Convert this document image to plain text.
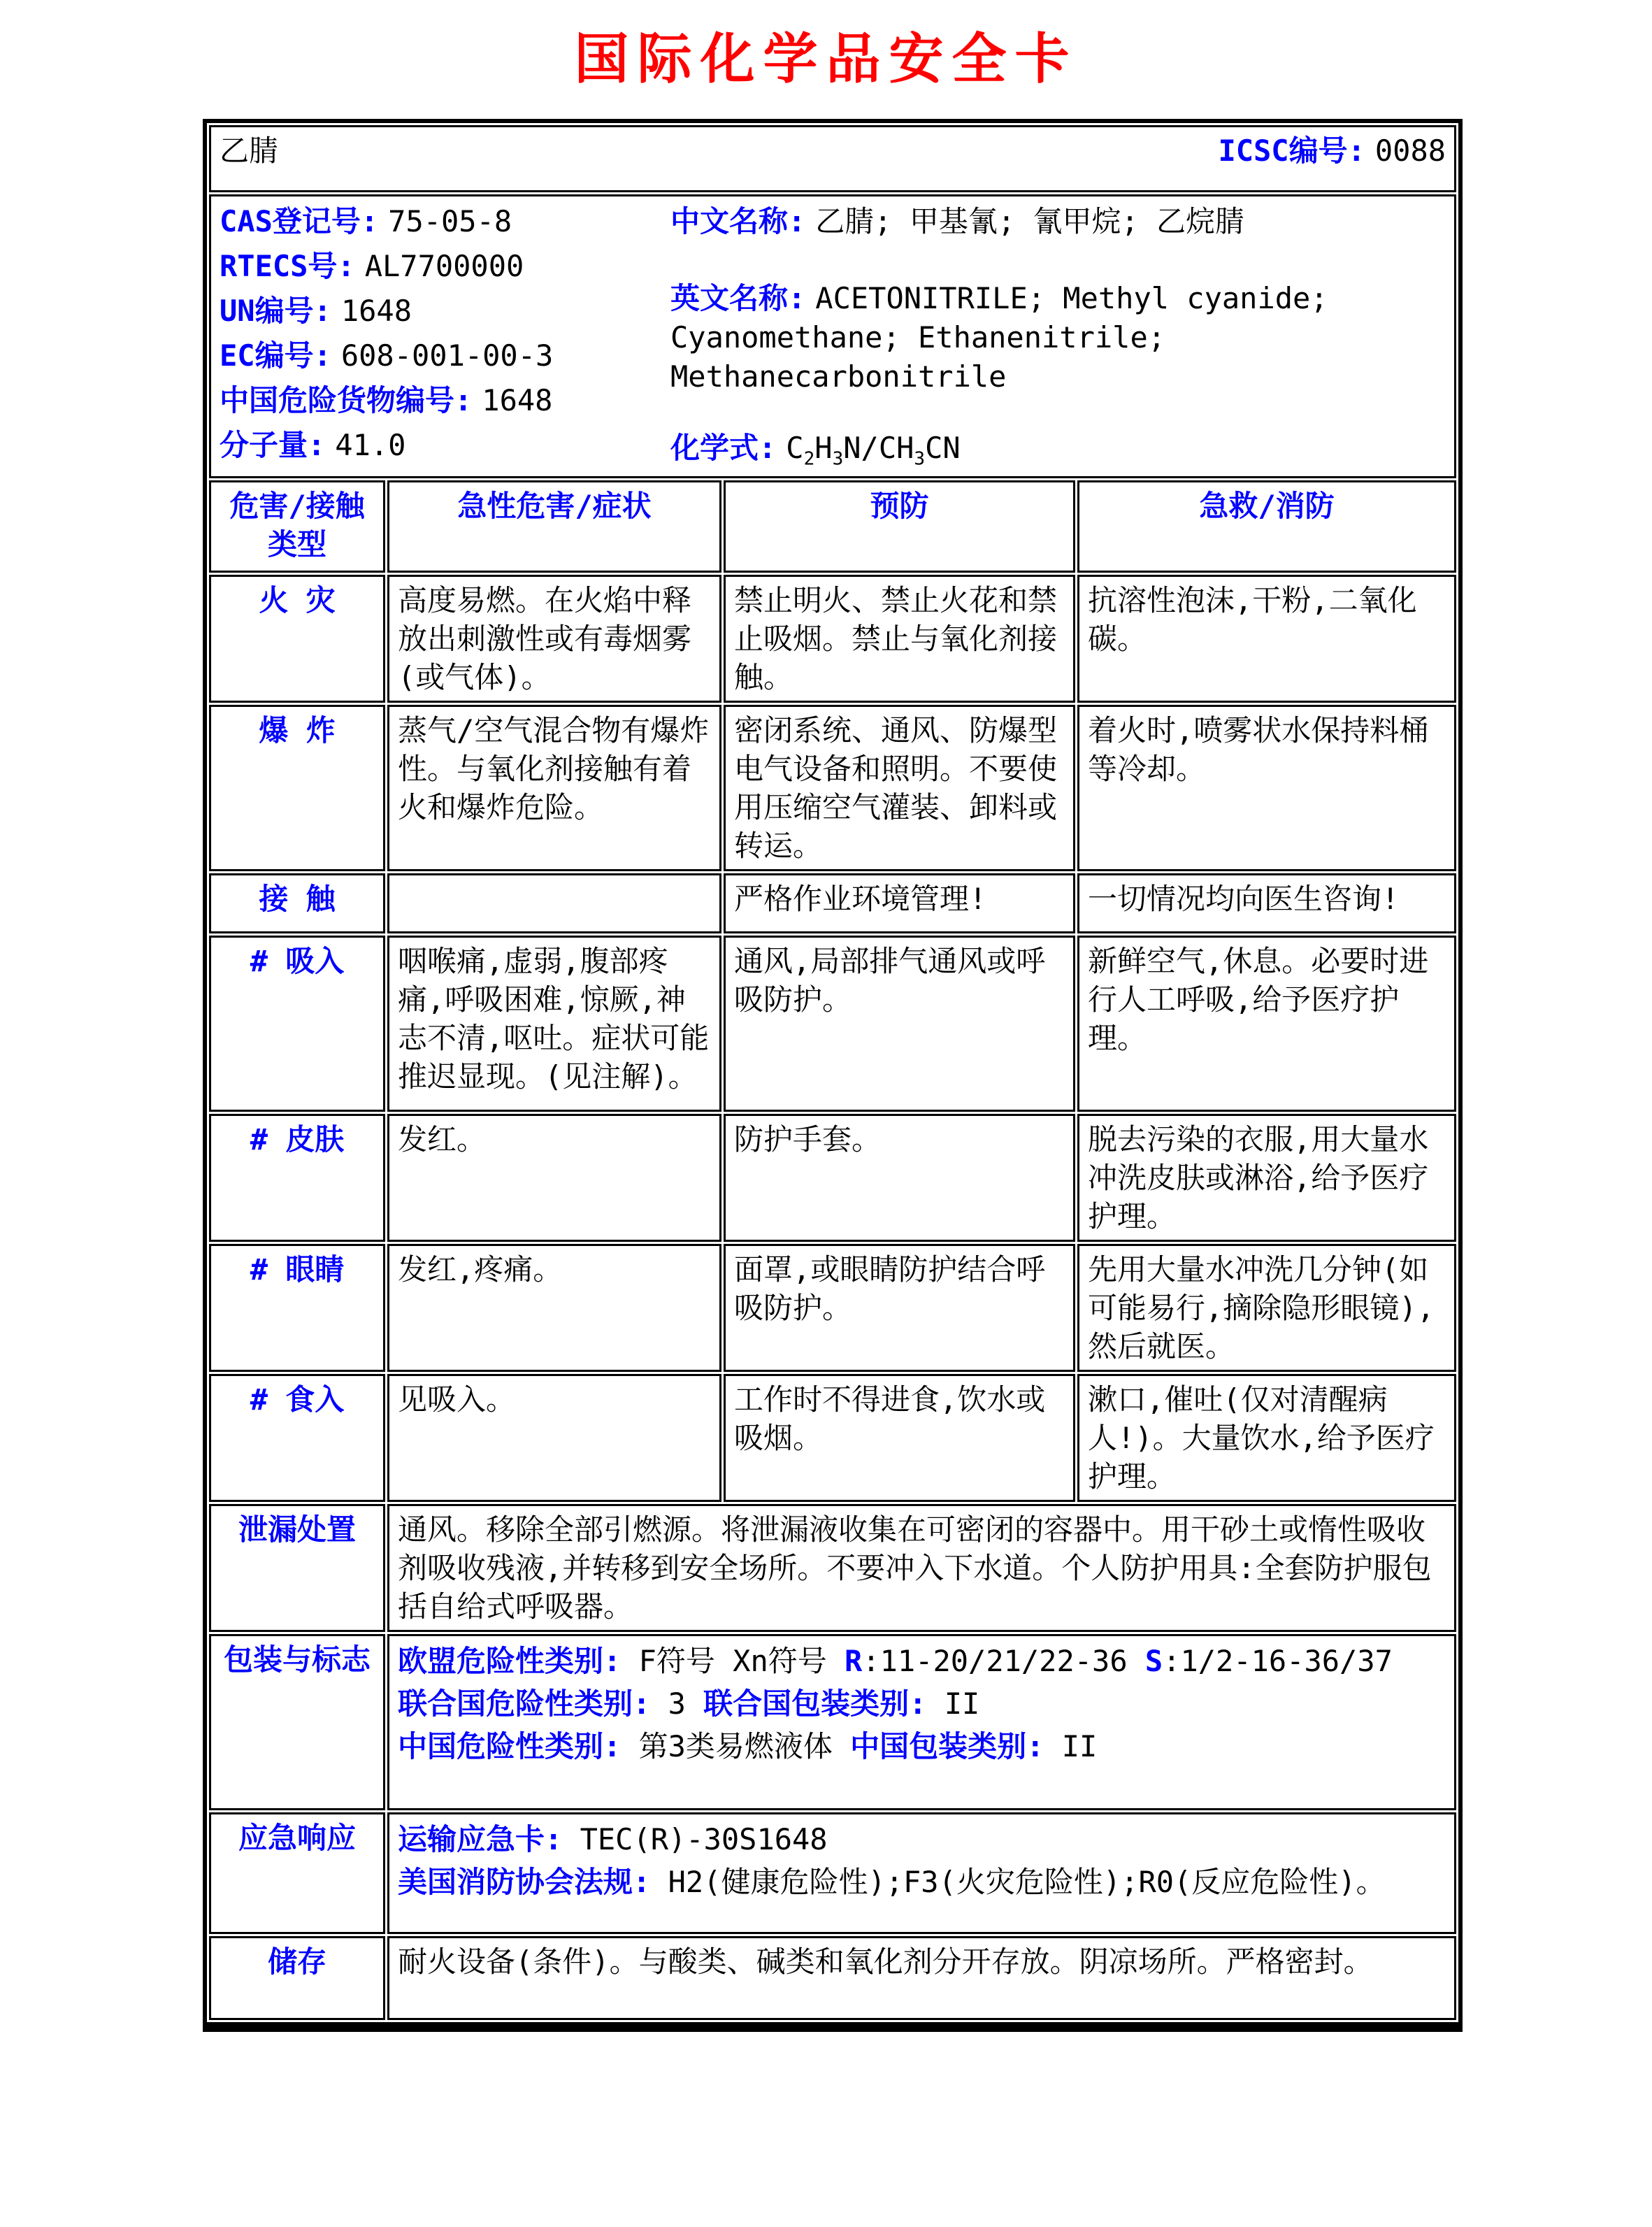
国际化学品安全卡
乙腈 ICSC编号: 0088			

CAS登记号: 75-05-8

RTECS号: AL7700000

UN编号: 1648

EC编号: 608-001-00-3

中国危险货物编号: 1648

分子量: 41.0

中文名称: 乙腈; 甲基氰; 氰甲烷; 乙烷腈

英文名称: ACETONITRILE; Methyl cyanide; Cyanomethane; Ethanenitrile; Methanecarbonitrile

化学式: $C_2H_3N/CH_3CN$

危害/接触类型	急性危害/症状	预防	急救/消防
火 灾	高度易燃。在火焰中释放出刺激性或有毒烟雾(或气体)。	禁止明火、禁止火花和禁止吸烟。禁止与氧化剂接触。	抗溶性泡沫,干粉,二氧化碳。
爆 炸	蒸气/空气混合物有爆炸性。与氧化剂接触有着火和爆炸危险。	密闭系统、通风、防爆型电气设备和照明。不要使用压缩空气灌装、卸料或转运。	着火时,喷雾状水保持料桶等冷却。
接 触		严格作业环境管理!	一切情况均向医生咨询!
# 吸入	咽喉痛,虚弱,腹部疼痛,呼吸困难,惊厥,神志不清,呕吐。症状可能推迟显现。(见注解)。	通风,局部排气通风或呼吸防护。	新鲜空气,休息。必要时进行人工呼吸,给予医疗护理。
# 皮肤	发红。	防护手套。	脱去污染的衣服,用大量水冲洗皮肤或淋浴,给予医疗护理。
# 眼睛	发红,疼痛。	面罩,或眼睛防护结合呼吸防护。	先用大量水冲洗几分钟(如可能易行,摘除隐形眼镜),然后就医。
# 食入	见吸入。	工作时不得进食,饮水或吸烟。	漱口,催吐(仅对清醒病人!)。大量饮水,给予医疗护理。
泄漏处置	通风。移除全部引燃源。将泄漏液收集在可密闭的容器中。用干砂土或惰性吸收剂吸收残液,并转移到安全场所。不要冲入下水道。个人防护用具:全套防护服包括自给式呼吸器。		
包装与标志	欧盟危险性类别: F符号 Xn符号 R:11-20/21/22-36 S:1/2-16-36/37

联合国危险性类别: 3 联合国包装类别: II

中国危险性类别: 第3类易燃液体 中国包装类别: II		

应急响应	运输应急卡: TEC(R)-30S1648

美国消防协会法规: H2(健康危险性);F3(火灾危险性);R0(反应危险性)。		

储存	耐火设备(条件)。与酸类、碱类和氧化剂分开存放。阴凉场所。严格密封。		
